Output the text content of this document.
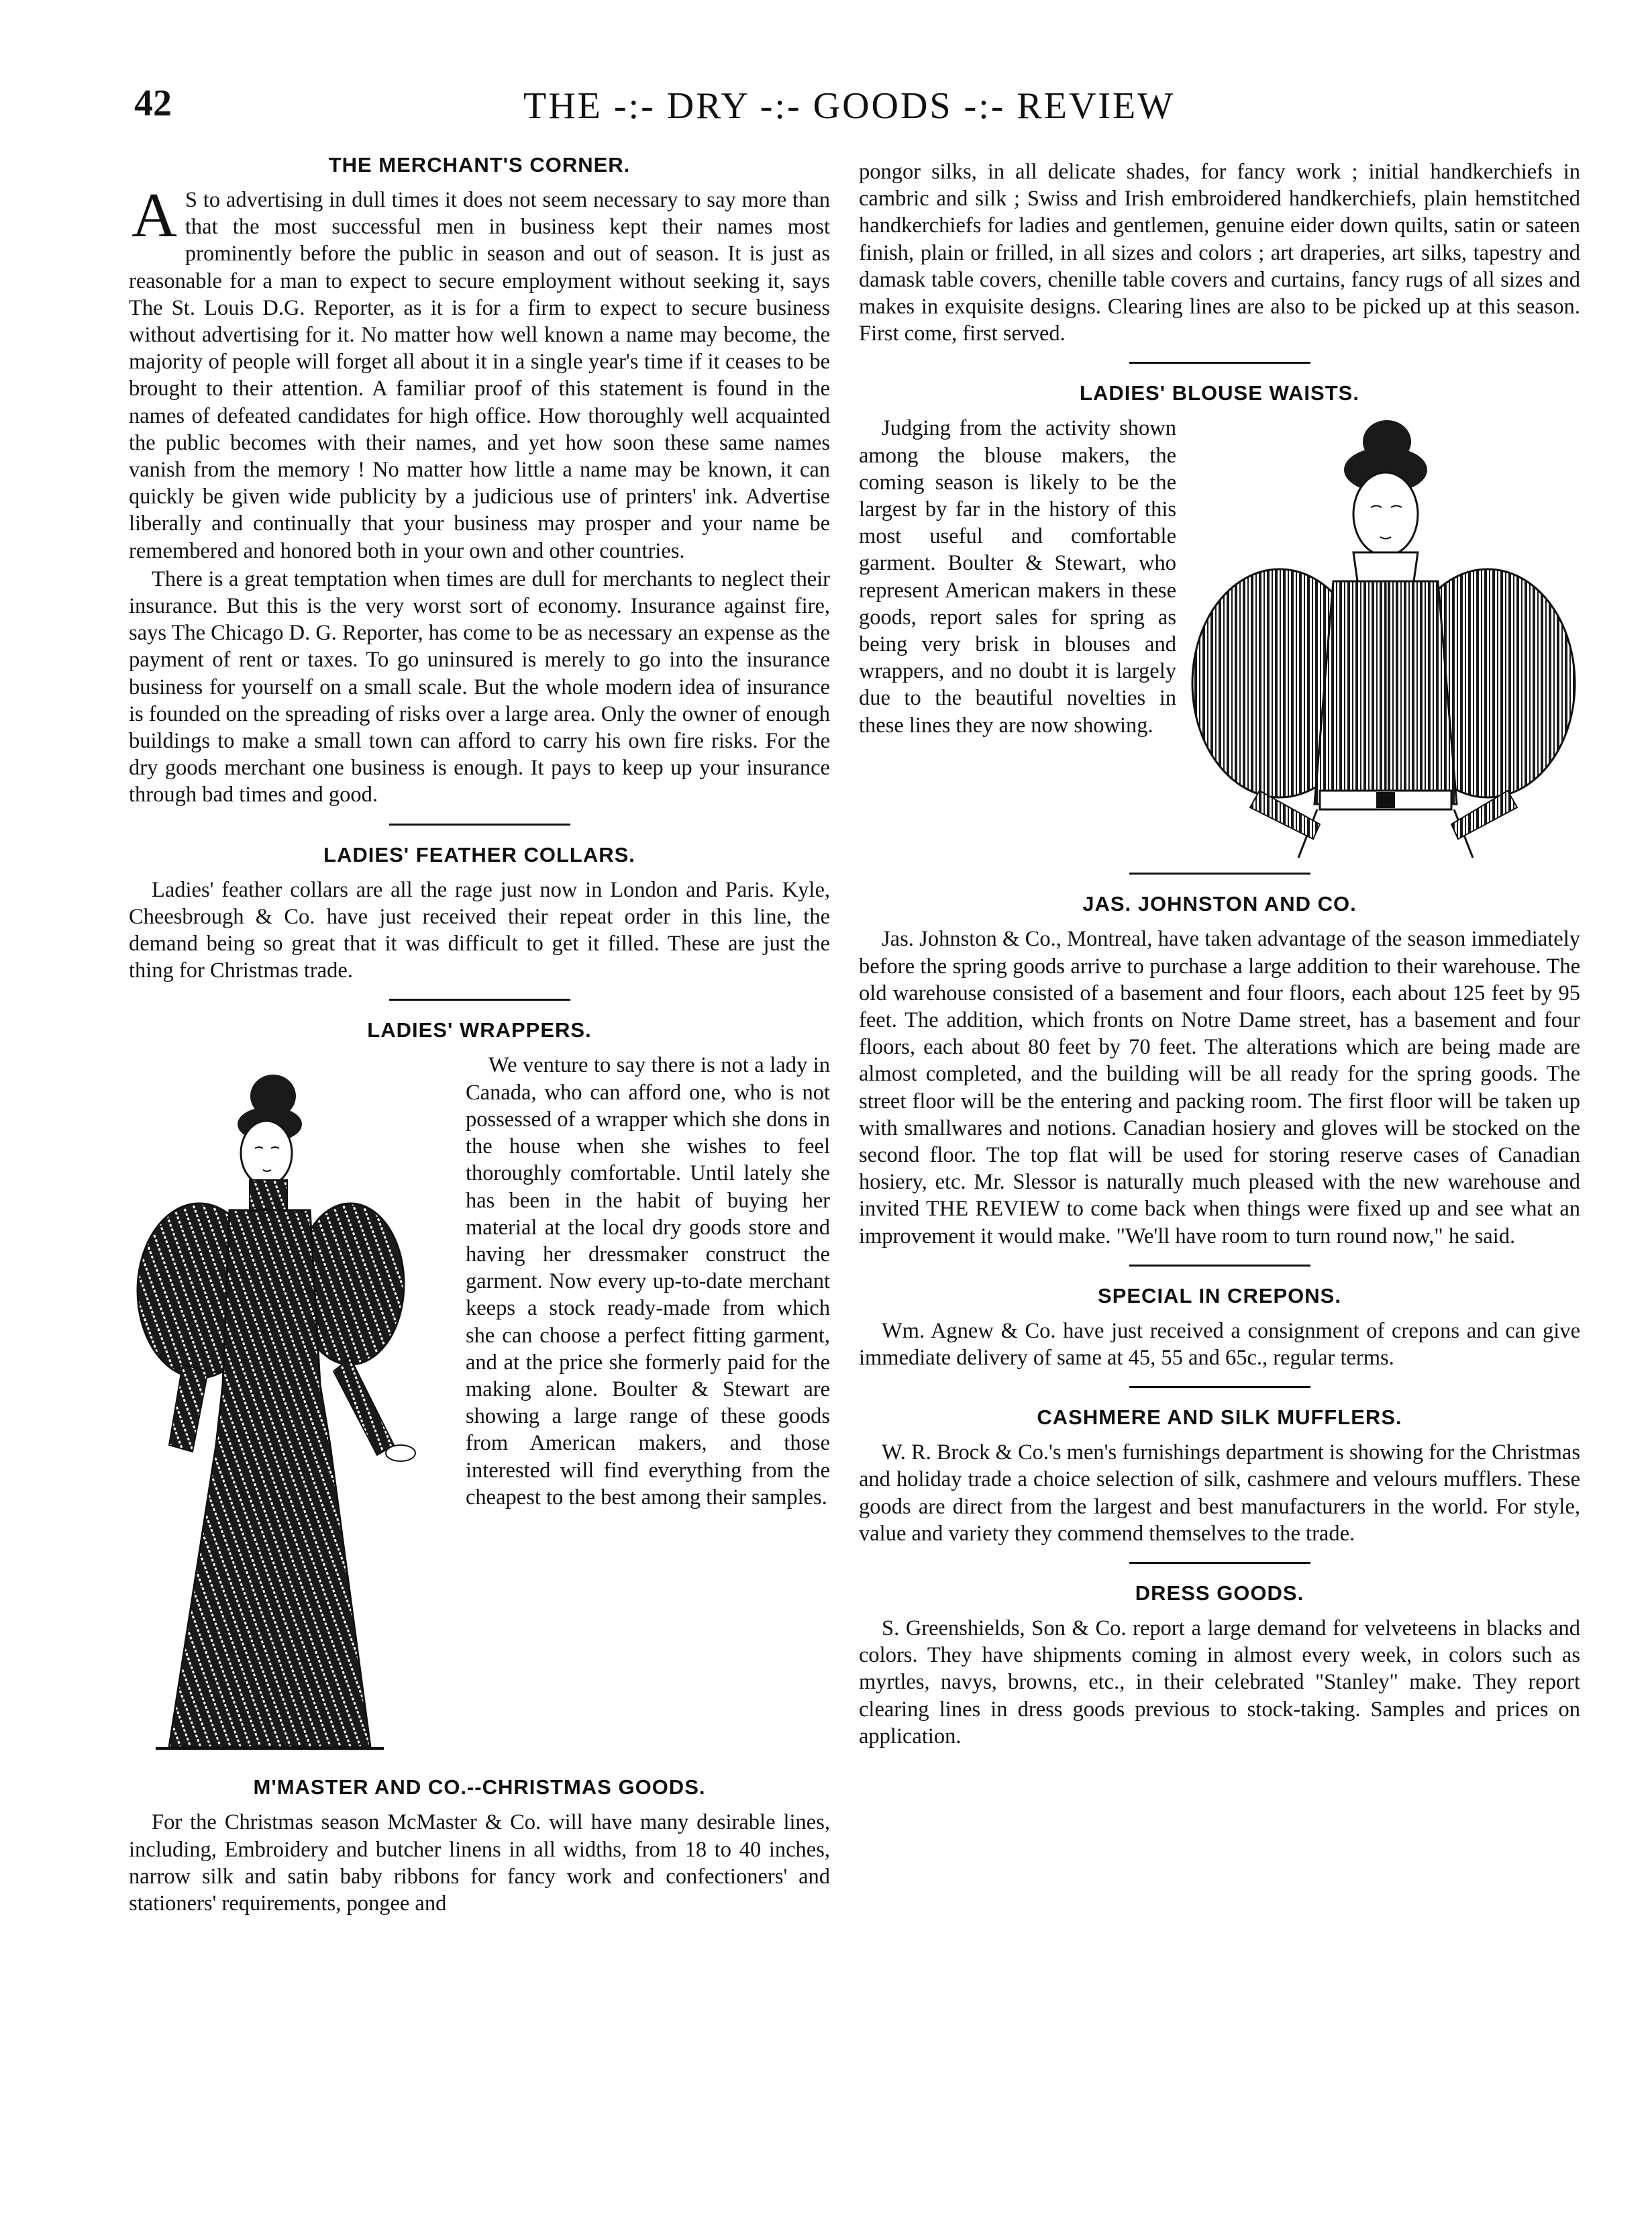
42	THE -:- DRY -:- GOODS -:- REVIEW
THE MERCHANT'S CORNER.

A S to advertising in dull times it does not seem necessary to say more than that the most successful men in business kept their names most prominently before the public in season and out of season. It is just as reasonable for a man to expect to secure employment without seeking it, says The St. Louis D.G. Reporter, as it is for a firm to expect to secure business without advertising for it. No matter how well known a name may become, the majority of people will forget all about it in a single year's time if it ceases to be brought to their attention. A familiar proof of this statement is found in the names of defeated candidates for high office. How thoroughly well acquainted the public becomes with their names, and yet how soon these same names vanish from the memory ! No matter how little a name may be known, it can quickly be given wide publicity by a judicious use of printers' ink. Advertise liberally and continually that your business may prosper and your name be remembered and honored both in your own and other countries.

There is a great temptation when times are dull for merchants to neglect their insurance. But this is the very worst sort of economy. Insurance against fire, says The Chicago D. G. Reporter, has come to be as necessary an expense as the payment of rent or taxes. To go uninsured is merely to go into the insurance business for yourself on a small scale. But the whole modern idea of insurance is founded on the spreading of risks over a large area. Only the owner of enough buildings to make a small town can afford to carry his own fire risks. For the dry goods merchant one business is enough. It pays to keep up your insurance through bad times and good.

LADIES' FEATHER COLLARS.

Ladies' feather collars are all the rage just now in London and Paris. Kyle, Cheesbrough & Co. have just received their repeat order in this line, the demand being so great that it was difficult to get it filled. These are just the thing for Christmas trade.

LADIES' WRAPPERS.

We venture to say there is not a lady in Canada, who can afford one, who is not possessed of a wrapper which she dons in the house when she wishes to feel thoroughly comfortable. Until lately she has been in the habit of buying her material at the local dry goods store and having her dressmaker construct the garment. Now every up-to-date merchant keeps a stock ready-made from which she can choose a perfect fitting garment, and at the price she formerly paid for the making alone. Boulter & Stewart are showing a large range of these goods from American makers, and those interested will find everything from the cheapest to the best among their samples.

M'MASTER AND CO.--CHRISTMAS GOODS.

For the Christmas season McMaster & Co. will have many desirable lines, including, Embroidery and butcher linens in all widths, from 18 to 40 inches, narrow silk and satin baby ribbons for fancy work and confectioners' and stationers' requirements, pongee and

pongor silks, in all delicate shades, for fancy work ; initial handkerchiefs in cambric and silk ; Swiss and Irish embroidered handkerchiefs, plain hemstitched handkerchiefs for ladies and gentlemen, genuine eider down quilts, satin or sateen finish, plain or frilled, in all sizes and colors ; art draperies, art silks, tapestry and damask table covers, chenille table covers and curtains, fancy rugs of all sizes and makes in exquisite designs. Clearing lines are also to be picked up at this season. First come, first served.

LADIES' BLOUSE WAISTS.

Judging from the activity shown among the blouse makers, the coming season is likely to be the largest by far in the history of this most useful and comfortable garment. Boulter & Stewart, who represent American makers in these goods, report sales for spring as being very brisk in blouses and wrappers, and no doubt it is largely due to the beautiful novelties in these lines they are now showing.

JAS. JOHNSTON AND CO.

Jas. Johnston & Co., Montreal, have taken advantage of the season immediately before the spring goods arrive to purchase a large addition to their warehouse. The old warehouse consisted of a basement and four floors, each about 125 feet by 95 feet. The addition, which fronts on Notre Dame street, has a basement and four floors, each about 80 feet by 70 feet. The alterations which are being made are almost completed, and the building will be all ready for the spring goods. The street floor will be the entering and packing room. The first floor will be taken up with smallwares and notions. Canadian hosiery and gloves will be stocked on the second floor. The top flat will be used for storing reserve cases of Canadian hosiery, etc. Mr. Slessor is naturally much pleased with the new warehouse and invited THE REVIEW to come back when things were fixed up and see what an improvement it would make. "We'll have room to turn round now," he said.

SPECIAL IN CREPONS.

Wm. Agnew & Co. have just received a consignment of crepons and can give immediate delivery of same at 45, 55 and 65c., regular terms.

CASHMERE AND SILK MUFFLERS.

W. R. Brock & Co.'s men's furnishings department is showing for the Christmas and holiday trade a choice selection of silk, cashmere and velours mufflers. These goods are direct from the largest and best manufacturers in the world. For style, value and variety they commend themselves to the trade.

DRESS GOODS.

S. Greenshields, Son & Co. report a large demand for velveteens in blacks and colors. They have shipments coming in almost every week, in colors such as myrtles, navys, browns, etc., in their celebrated "Stanley" make. They report clearing lines in dress goods previous to stock-taking. Samples and prices on application.
